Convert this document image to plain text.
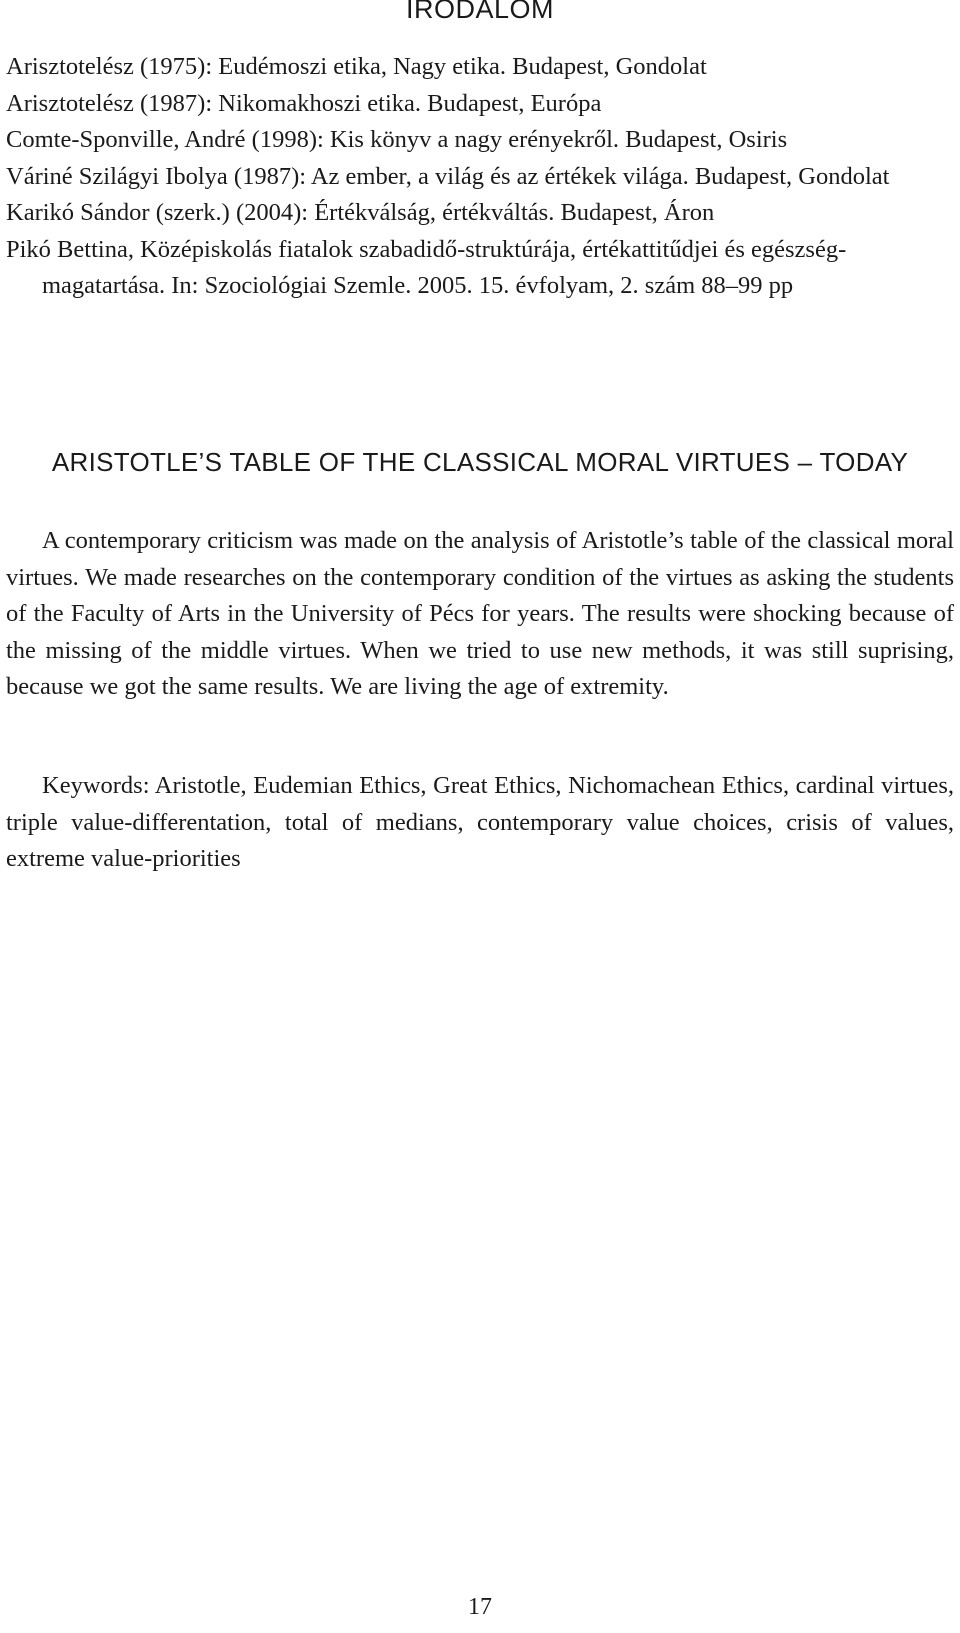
IRODALOM
Arisztotelész (1975): Eudémoszi etika, Nagy etika. Budapest, Gondolat
Arisztotelész (1987): Nikomakhoszi etika. Budapest, Európa
Comte-Sponville, André (1998): Kis könyv a nagy erényekről. Budapest, Osiris
Váriné Szilágyi Ibolya (1987): Az ember, a világ és az értékek világa. Budapest, Gondolat
Karikó Sándor (szerk.) (2004): Értékválság, értékváltás. Budapest, Áron
Pikó Bettina, Középiskolás fiatalok szabadidő-struktúrája, értékattitűdjei és egészségmagatartása. In: Szociológiai Szemle. 2005. 15. évfolyam, 2. szám 88–99 pp
ARISTOTLE’S TABLE OF THE CLASSICAL MORAL VIRTUES – TODAY

A contemporary criticism was made on the analysis of Aristotle’s table of the classical moral virtues. We made researches on the contemporary condition of the virtues as asking the students of the Faculty of Arts in the University of Pécs for years. The results were shocking because of the missing of the middle virtues. When we tried to use new methods, it was still suprising, because we got the same results. We are living the age of extremity.

Keywords: Aristotle, Eudemian Ethics, Great Ethics, Nichomachean Ethics, cardinal virtues, triple value-differentation, total of medians, contemporary value choices, crisis of values, extreme value-priorities

17
